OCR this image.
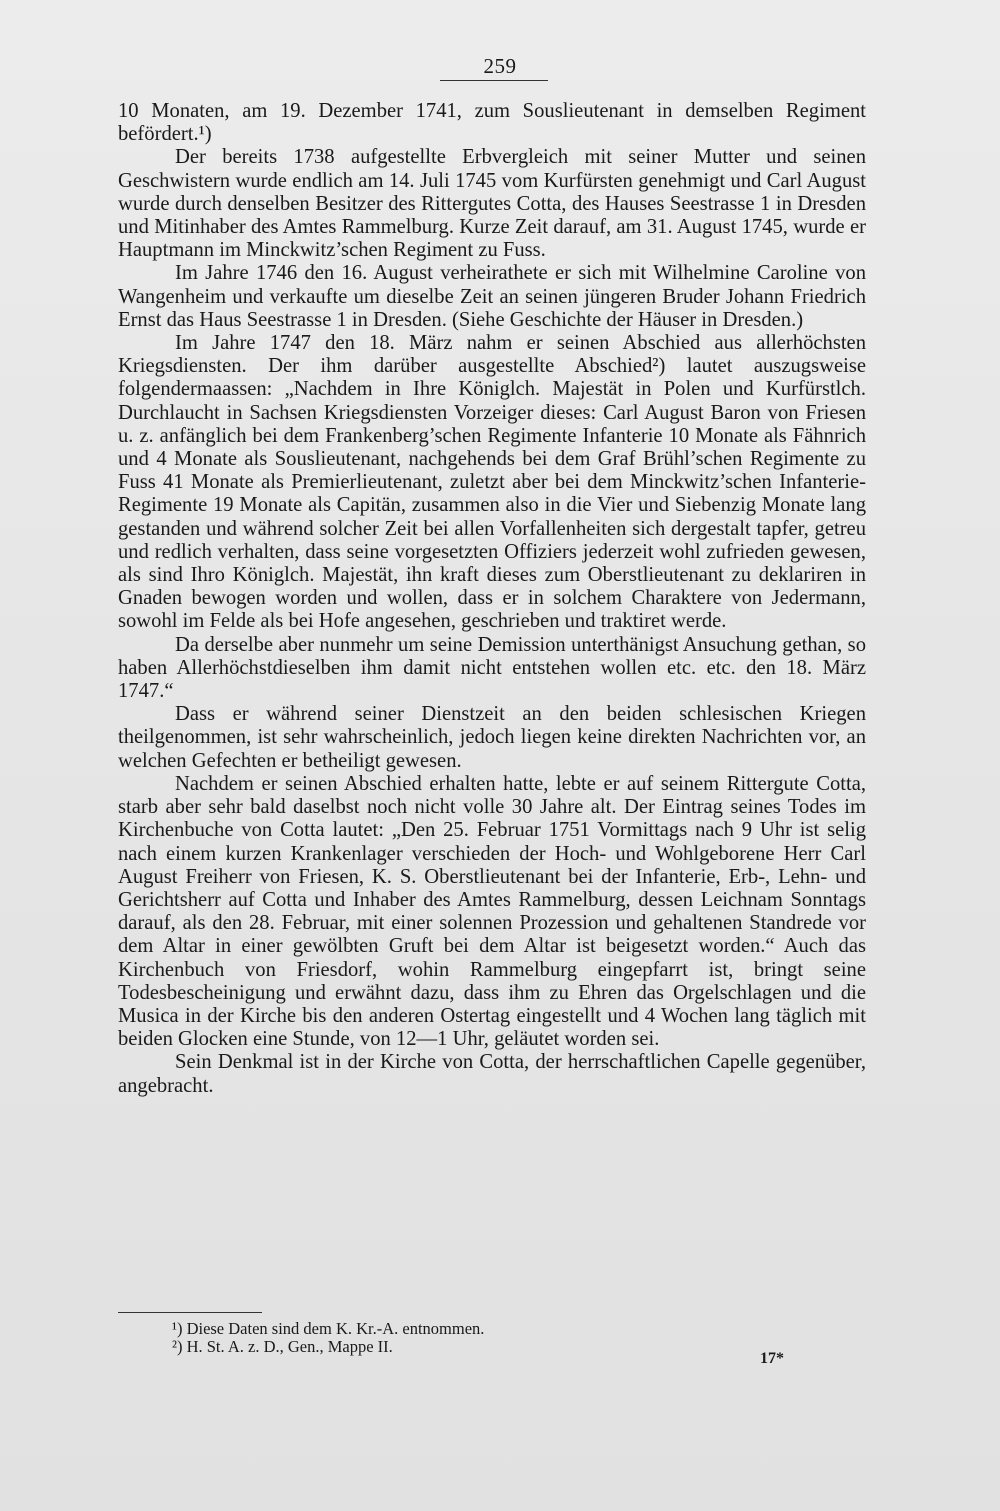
259

10 Monaten, am 19. Dezember 1741, zum Souslieutenant in demselben Regiment befördert.¹)

Der bereits 1738 aufgestellte Erbvergleich mit seiner Mutter und seinen Geschwistern wurde endlich am 14. Juli 1745 vom Kurfürsten genehmigt und Carl August wurde durch denselben Besitzer des Rittergutes Cotta, des Hauses Seestrasse 1 in Dresden und Mitinhaber des Amtes Rammelburg. Kurze Zeit darauf, am 31. August 1745, wurde er Hauptmann im Minckwitz’schen Regiment zu Fuss.

Im Jahre 1746 den 16. August verheirathete er sich mit Wilhelmine Caroline von Wangenheim und verkaufte um dieselbe Zeit an seinen jüngeren Bruder Johann Friedrich Ernst das Haus Seestrasse 1 in Dresden. (Siehe Geschichte der Häuser in Dresden.)

Im Jahre 1747 den 18. März nahm er seinen Abschied aus allerhöchsten Kriegsdiensten. Der ihm darüber ausgestellte Abschied²) lautet auszugsweise folgendermaassen: „Nachdem in Ihre Königlch. Majestät in Polen und Kurfürstlch. Durchlaucht in Sachsen Kriegsdiensten Vorzeiger dieses: Carl August Baron von Friesen u. z. anfänglich bei dem Frankenberg’schen Regimente Infanterie 10 Monate als Fähnrich und 4 Monate als Souslieutenant, nachgehends bei dem Graf Brühl’schen Regimente zu Fuss 41 Monate als Premierlieutenant, zuletzt aber bei dem Minckwitz’schen Infanterie-Regimente 19 Monate als Capitän, zusammen also in die Vier und Siebenzig Monate lang gestanden und während solcher Zeit bei allen Vorfallenheiten sich dergestalt tapfer, getreu und redlich verhalten, dass seine vorgesetzten Offiziers jederzeit wohl zufrieden gewesen, als sind Ihro Königlch. Majestät, ihn kraft dieses zum Oberstlieutenant zu deklariren in Gnaden bewogen worden und wollen, dass er in solchem Charaktere von Jedermann, sowohl im Felde als bei Hofe angesehen, geschrieben und traktiret werde.

Da derselbe aber nunmehr um seine Demission unterthänigst Ansuchung gethan, so haben Allerhöchstdieselben ihm damit nicht entstehen wollen etc. etc. den 18. März 1747.“

Dass er während seiner Dienstzeit an den beiden schlesischen Kriegen theilgenommen, ist sehr wahrscheinlich, jedoch liegen keine direkten Nachrichten vor, an welchen Gefechten er betheiligt gewesen.

Nachdem er seinen Abschied erhalten hatte, lebte er auf seinem Rittergute Cotta, starb aber sehr bald daselbst noch nicht volle 30 Jahre alt. Der Eintrag seines Todes im Kirchenbuche von Cotta lautet: „Den 25. Februar 1751 Vormittags nach 9 Uhr ist selig nach einem kurzen Krankenlager verschieden der Hoch- und Wohlgeborene Herr Carl August Freiherr von Friesen, K. S. Oberstlieutenant bei der Infanterie, Erb-, Lehn- und Gerichtsherr auf Cotta und Inhaber des Amtes Rammelburg, dessen Leichnam Sonntags darauf, als den 28. Februar, mit einer solennen Prozession und gehaltenen Standrede vor dem Altar in einer gewölbten Gruft bei dem Altar ist beigesetzt worden.“ Auch das Kirchenbuch von Friesdorf, wohin Rammelburg eingepfarrt ist, bringt seine Todesbescheinigung und erwähnt dazu, dass ihm zu Ehren das Orgelschlagen und die Musica in der Kirche bis den anderen Ostertag eingestellt und 4 Wochen lang täglich mit beiden Glocken eine Stunde, von 12—1 Uhr, geläutet worden sei.

Sein Denkmal ist in der Kirche von Cotta, der herrschaftlichen Capelle gegenüber, angebracht.

¹) Diese Daten sind dem K. Kr.-A. entnommen.

²) H. St. A. z. D., Gen., Mappe II.

17*
